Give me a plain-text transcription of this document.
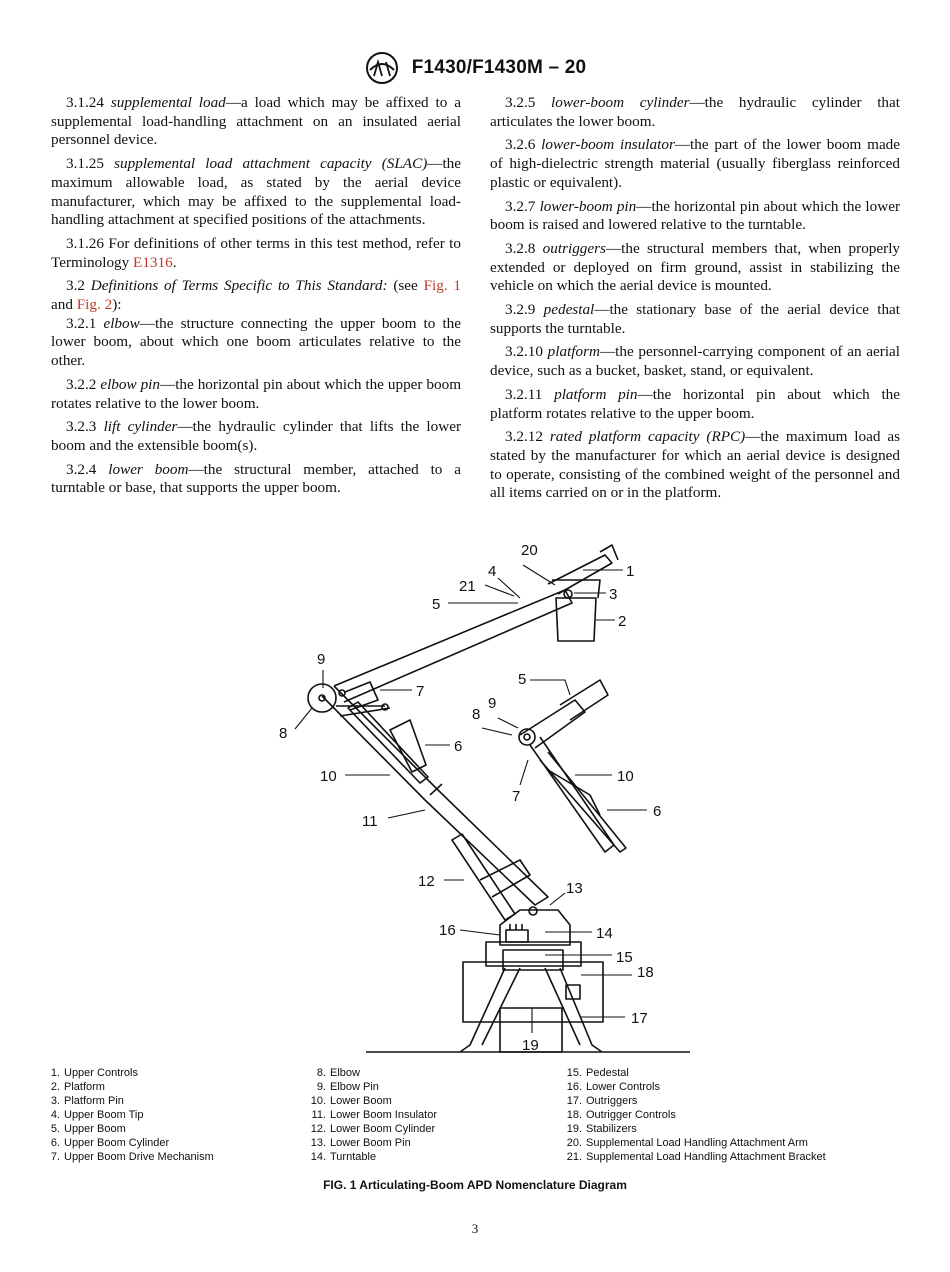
F1430/F1430M – 20

3.1.24 supplemental load—a load which may be affixed to a supplemental load-handling attachment on an insulated aerial personnel device.

3.1.25 supplemental load attachment capacity (SLAC)—the maximum allowable load, as stated by the aerial device manufacturer, which may be affixed to the supplemental load-handling attachment at specified positions of the attachments.

3.1.26 For definitions of other terms in this test method, refer to Terminology E1316.

3.2 Definitions of Terms Specific to This Standard: (see Fig. 1 and Fig. 2):

3.2.1 elbow—the structure connecting the upper boom to the lower boom, about which one boom articulates relative to the other.

3.2.2 elbow pin—the horizontal pin about which the upper boom rotates relative to the lower boom.

3.2.3 lift cylinder—the hydraulic cylinder that lifts the lower boom and the extensible boom(s).

3.2.4 lower boom—the structural member, attached to a turntable or base, that supports the upper boom.

3.2.5 lower-boom cylinder—the hydraulic cylinder that articulates the lower boom.

3.2.6 lower-boom insulator—the part of the lower boom made of high-dielectric strength material (usually fiberglass reinforced plastic or equivalent).

3.2.7 lower-boom pin—the horizontal pin about which the lower boom is raised and lowered relative to the turntable.

3.2.8 outriggers—the structural members that, when properly extended or deployed on firm ground, assist in stabilizing the vehicle on which the aerial device is mounted.

3.2.9 pedestal—the stationary base of the aerial device that supports the turntable.

3.2.10 platform—the personnel-carrying component of an aerial device, such as a bucket, basket, stand, or equivalent.

3.2.11 platform pin—the horizontal pin about which the platform rotates relative to the upper boom.

3.2.12 rated platform capacity (RPC)—the maximum load as stated by the manufacturer for which an aerial device is designed to operate, consisting of the combined weight of the personnel and all items carried on or in the platform.

1
2
3
4
5
6
7
8
9
10
11
12	13
14
15
16
17
18
19
20
21
5
9
8
7
10
6
1. Upper Controls
2. Platform
3. Platform Pin
4. Upper Boom Tip
5. Upper Boom
6. Upper Boom Cylinder
7. Upper Boom Drive Mechanism
8. Elbow
9. Elbow Pin
10. Lower Boom
11. Lower Boom Insulator
12. Lower Boom Cylinder
13. Lower Boom Pin
14. Turntable
15. Pedestal
16. Lower Controls
17. Outriggers
18. Outrigger Controls
19. Stabilizers
20. Supplemental Load Handling Attachment Arm
21. Supplemental Load Handling Attachment Bracket
FIG. 1 Articulating-Boom APD Nomenclature Diagram
3
